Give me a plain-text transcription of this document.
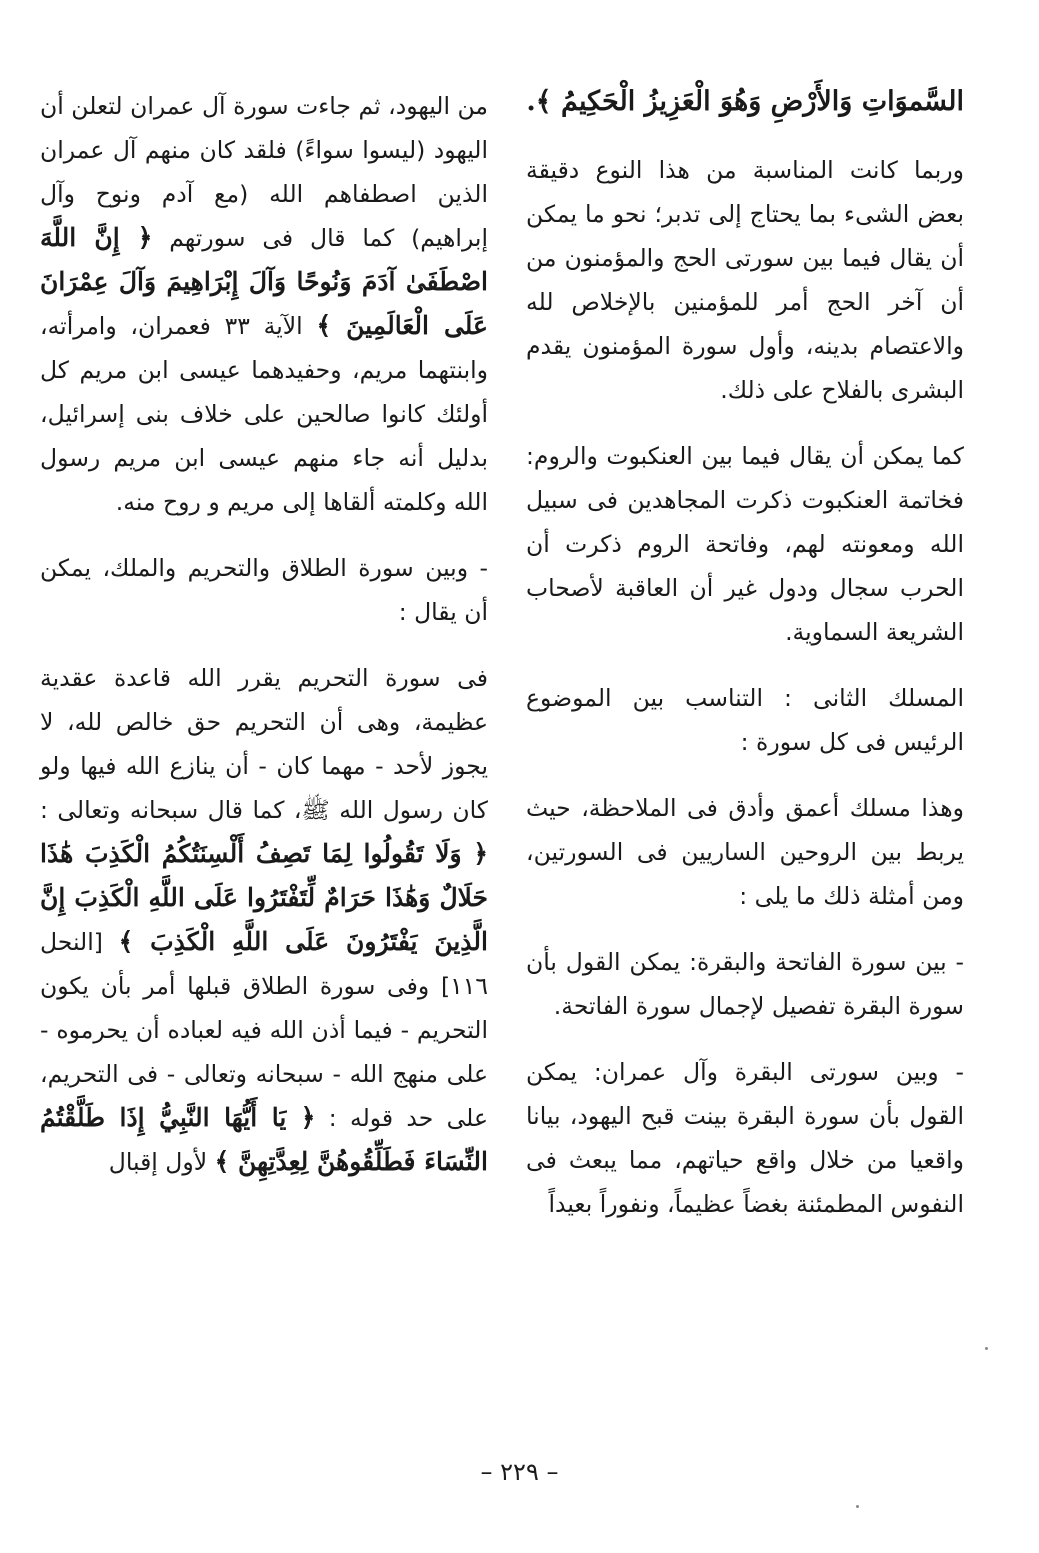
السَّموَاتِ وَالأَرْضِ وَهُوَ الْعَزِيزُ الْحَكِيمُ ﴾.

وربما كانت المناسبة من هذا النوع دقيقة بعض الشىء بما يحتاج إلى تدبر؛ نحو ما يمكن أن يقال فيما بين سورتى الحج والمؤمنون من أن آخر الحج أمر للمؤمنين بالإخلاص لله والاعتصام بدينه، وأول سورة المؤمنون يقدم البشرى بالفلاح على ذلك.

كما يمكن أن يقال فيما بين العنكبوت والروم: فخاتمة العنكبوت ذكرت المجاهدين فى سبيل الله ومعونته لهم، وفاتحة الروم ذكرت أن الحرب سجال ودول غير أن العاقبة لأصحاب الشريعة السماوية.

المسلك الثانى : التناسب بين الموضوع الرئيس فى كل سورة :

وهذا مسلك أعمق وأدق فى الملاحظة، حيث يربط بين الروحين الساريين فى السورتين، ومن أمثلة ذلك ما يلى :

- بين سورة الفاتحة والبقرة: يمكن القول بأن سورة البقرة تفصيل لإجمال سورة الفاتحة.

- وبين سورتى البقرة وآل عمران: يمكن القول بأن سورة البقرة بينت قبح اليهود، بيانا واقعيا من خلال واقع حياتهم، مما يبعث فى النفوس المطمئنة بغضاً عظيماً، ونفوراً بعيداً

من اليهود، ثم جاءت سورة آل عمران لتعلن أن اليهود (ليسوا سواءً) فلقد كان منهم آل عمران الذين اصطفاهم الله (مع آدم ونوح وآل إبراهيم) كما قال فى سورتهم ﴿ إِنَّ اللَّهَ اصْطَفَىٰ آدَمَ وَنُوحًا وَآلَ إِبْرَاهِيمَ وَآلَ عِمْرَانَ عَلَى الْعَالَمِينَ ﴾ الآية ٣٣ فعمران، وامرأته، وابنتهما مريم، وحفيدهما عيسى ابن مريم كل أولئك كانوا صالحين على خلاف بنى إسرائيل، بدليل أنه جاء منهم عيسى ابن مريم رسول الله وكلمته ألقاها إلى مريم و روح منه.

- وبين سورة الطلاق والتحريم والملك، يمكن أن يقال :

فى سورة التحريم يقرر الله قاعدة عقدية عظيمة، وهى أن التحريم حق خالص لله، لا يجوز لأحد - مهما كان - أن ينازع الله فيها ولو كان رسول الله ﷺ، كما قال سبحانه وتعالى : ﴿ وَلَا تَقُولُوا لِمَا تَصِفُ أَلْسِنَتُكُمُ الْكَذِبَ هَٰذَا حَلَالٌ وَهَٰذَا حَرَامٌ لِّتَفْتَرُوا عَلَى اللَّهِ الْكَذِبَ إِنَّ الَّذِينَ يَفْتَرُونَ عَلَى اللَّهِ الْكَذِبَ ﴾ [النحل ١١٦] وفى سورة الطلاق قبلها أمر بأن يكون التحريم - فيما أذن الله فيه لعباده أن يحرموه - على منهج الله - سبحانه وتعالى - فى التحريم، على حد قوله : ﴿ يَا أَيُّهَا النَّبِيُّ إِذَا طَلَّقْتُمُ النِّسَاءَ فَطَلِّقُوهُنَّ لِعِدَّتِهِنَّ ﴾ لأول إقبال

– ٢٢٩ –
